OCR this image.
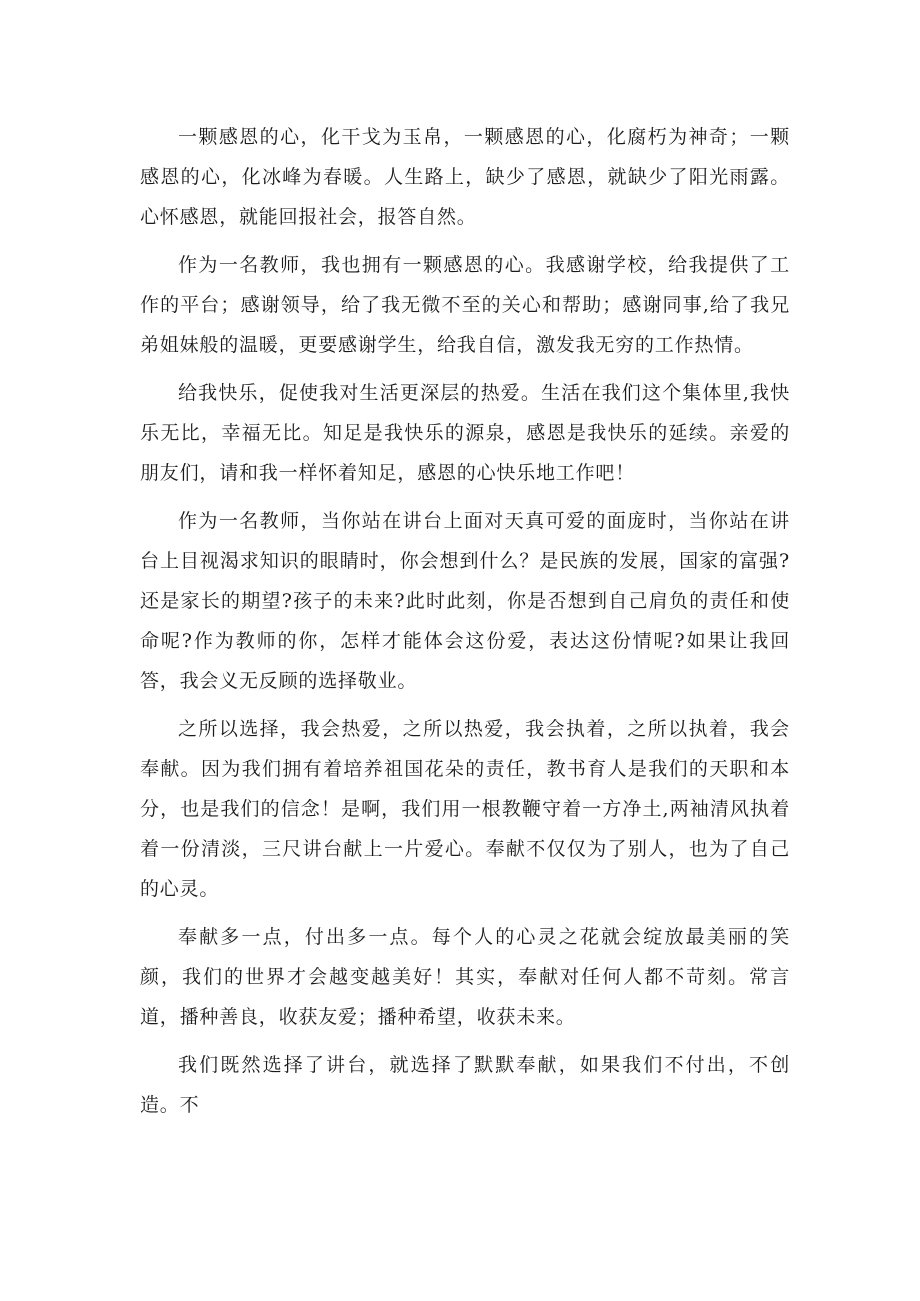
一颗感恩的心，化干戈为玉帛，一颗感恩的心，化腐朽为神奇；一颗感恩的心，化冰峰为春暖。人生路上，缺少了感恩，就缺少了阳光雨露。心怀感恩，就能回报社会，报答自然。

作为一名教师，我也拥有一颗感恩的心。我感谢学校，给我提供了工作的平台；感谢领导，给了我无微不至的关心和帮助；感谢同事,给了我兄弟姐妹般的温暖，更要感谢学生，给我自信，激发我无穷的工作热情。

给我快乐，促使我对生活更深层的热爱。生活在我们这个集体里,我快乐无比，幸福无比。知足是我快乐的源泉，感恩是我快乐的延续。亲爱的朋友们，请和我一样怀着知足，感恩的心快乐地工作吧！

作为一名教师，当你站在讲台上面对天真可爱的面庞时，当你站在讲台上目视渴求知识的眼睛时，你会想到什么？是民族的发展，国家的富强?还是家长的期望?孩子的未来?此时此刻，你是否想到自己肩负的责任和使命呢?作为教师的你，怎样才能体会这份爱，表达这份情呢?如果让我回答，我会义无反顾的选择敬业。

之所以选择，我会热爱，之所以热爱，我会执着，之所以执着，我会奉献。因为我们拥有着培养祖国花朵的责任，教书育人是我们的天职和本分，也是我们的信念！是啊，我们用一根教鞭守着一方净土,两袖清风执着着一份清淡，三尺讲台献上一片爱心。奉献不仅仅为了别人，也为了自己的心灵。

奉献多一点，付出多一点。每个人的心灵之花就会绽放最美丽的笑颜，我们的世界才会越变越美好！其实，奉献对任何人都不苛刻。常言道，播种善良，收获友爱；播种希望，收获未来。

我们既然选择了讲台，就选择了默默奉献，如果我们不付出，不创造。不
